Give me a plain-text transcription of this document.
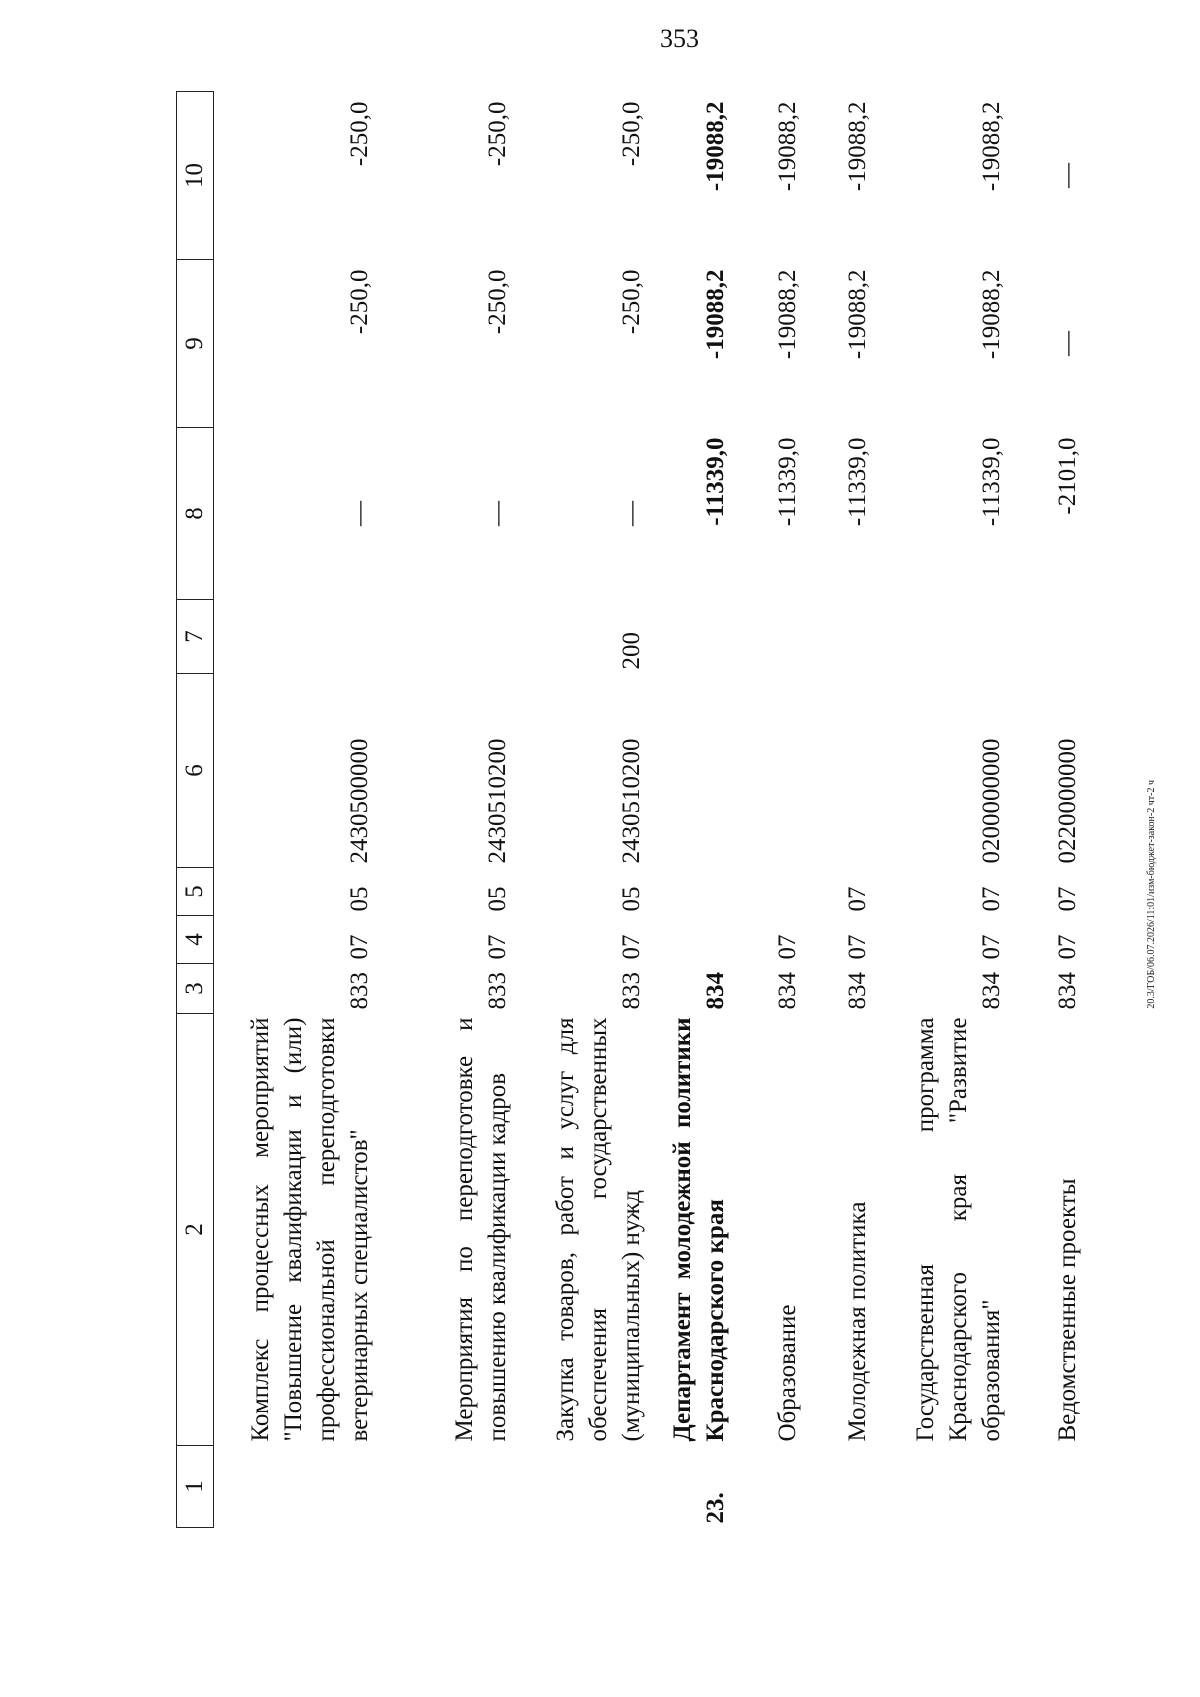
353
1	2	3	4	5	6	7	8	9	10
	Комплекс процессных мероприятий "Повышение квалификации и (или) профессиональной переподготовки ветеринарных специалистов"	833	07	05	2430500000		—	-250,0	-250,0
	Мероприятия по переподготовке и повышению квалификации кадров	833	07	05	2430510200		—	-250,0	-250,0
	Закупка товаров, работ и услуг для обеспечения государственных (муниципальных) нужд	833	07	05	2430510200	200	—	-250,0	-250,0
23.	Департамент молодежной политики Краснодарского края	834					-11339,0	-19088,2	-19088,2
	Образование	834	07				-11339,0	-19088,2	-19088,2
	Молодежная политика	834	07	07			-11339,0	-19088,2	-19088,2
	Государственная программа Краснодарского края "Развитие образования"	834	07	07	0200000000		-11339,0	-19088,2	-19088,2
	Ведомственные проекты	834	07	07	0220000000		-2101,0	—	—
20.3/ГОБ/06.07.2026/11:01/изм-бюджет-закон-2 чт-2 ч
